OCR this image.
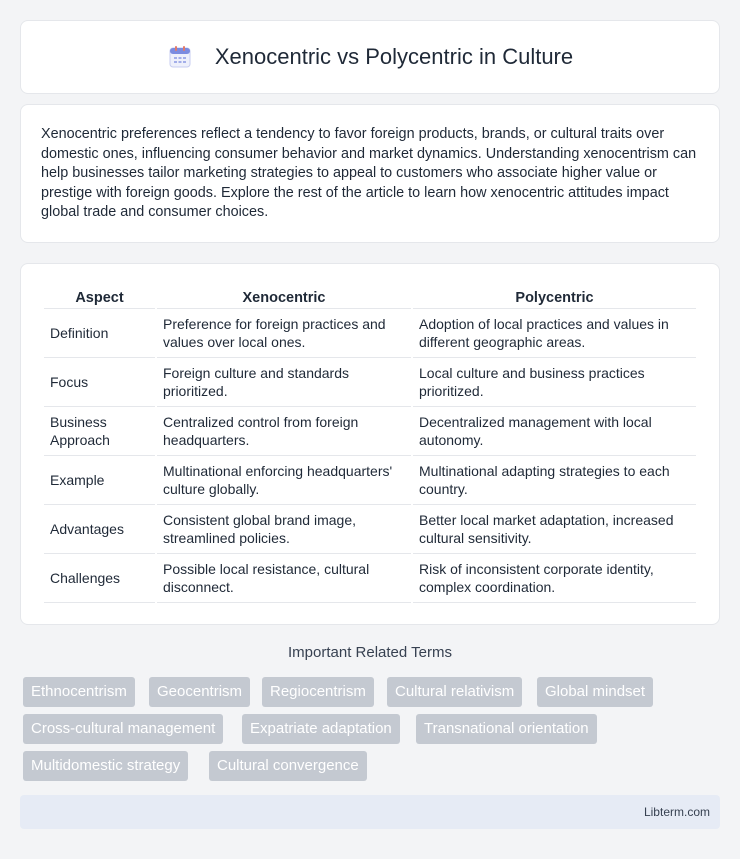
Xenocentric vs Polycentric in Culture

Xenocentric preferences reflect a tendency to favor foreign products, brands, or cultural traits over domestic ones, influencing consumer behavior and market dynamics. Understanding xenocentrism can help businesses tailor marketing strategies to appeal to customers who associate higher value or prestige with foreign goods. Explore the rest of the article to learn how xenocentric attitudes impact global trade and consumer choices.

Aspect	Xenocentric	Polycentric
Definition	Preference for foreign practices and values over local ones.	Adoption of local practices and values in different geographic areas.
Focus	Foreign culture and standards prioritized.	Local culture and business practices prioritized.
Business Approach	Centralized control from foreign headquarters.	Decentralized management with local autonomy.
Example	Multinational enforcing headquarters' culture globally.	Multinational adapting strategies to each country.
Advantages	Consistent global brand image, streamlined policies.	Better local market adaptation, increased cultural sensitivity.
Challenges	Possible local resistance, cultural disconnect.	Risk of inconsistent corporate identity, complex coordination.
Important Related Terms
Ethnocentrism	Geocentrism	Regiocentrism	Cultural relativism	Global mindset
Cross-cultural management	Expatriate adaptation	Transnational orientation
Multidomestic strategy	Cultural convergence
Libterm.com
